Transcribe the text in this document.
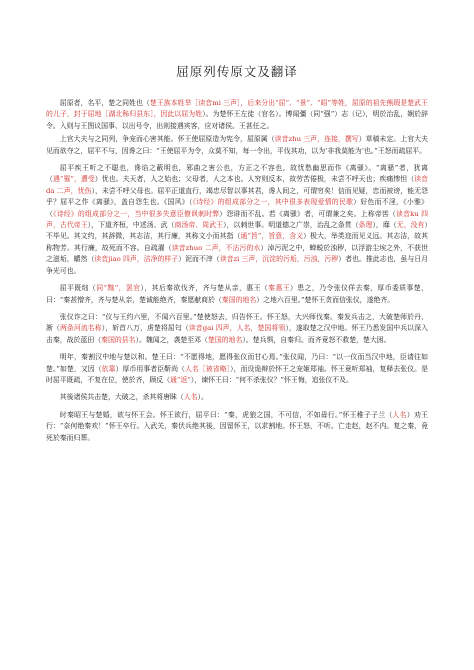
屈原列传原文及翻译

屈原者，名平，楚之同姓也（楚王族本姓芈［读音mi 三声］，后来分出“屈”、“景”、“昭”等姓，屈原的祖先熊瑕是楚武王的儿子，封于屈地［湖北秭归县东］，因此以屈为姓）。为楚怀王左徒（官名）。博闻彊（同“强”）志（记），明於治乱，娴於辞令。入则与王图议国事、以出号令，出则接遇宾客，应对诸侯。王甚任之。

上官大夫与之同列，争宠而心害其能。怀王使屈原造为宪令，屈原属（读音zhu 三声，连接，撰写）草稿未定。上官大夫见而欲夺之，屈平不与，因谗之曰：“王使屈平为令，众莫不知，每一令出，平伐其功，以为‘非我莫能为’也。”王怒而疏屈平。

屈平疾王听之不聪也，谗谄之蔽明也，邪曲之害公也，方正之不容也，故忧愁幽思而作《离骚》。“离骚”者，犹离（遇“罹”，遭受）忧也。夫天者，人之始也；父母者，人之本也。人穷则反本，故劳苦倦极，未尝不呼天也；疾痛惨怛（读音da 二声，忧伤），未尝不呼父母也。屈平正道直行，竭忠尽智以事其君，谗人间之，可谓穷矣！信而见疑，忠而被谤，能无怨乎？屈平之作《离骚》，盖自怨生也。《国风》（《诗经》的组成部分之一，其中很多表现爱情的民歌）好色而不淫，《小雅》（《诗经》的组成部分之一，当中很多失意臣僚讽刺时弊）怨诽而不乱。若《离骚》者，可谓兼之矣。上称帝喾（读音ku 四声，古代帝王），下道齐桓，中述汤、武（商汤帝、周武王），以刺世事。明道德之广崇，治乱之条贯（条理），靡（无，没有）不毕见。其文约，其辞微，其志洁，其行廉，其称文小而其指（通“旨”，旨意，含义）极大，举类迩而见义远。其志洁，故其称物芳。其行廉，故死而不容。自疏濯（读音zhuo 二声，不沾污的水）淖污泥之中，蝉蜕於浊秽，以浮游尘埃之外，不获世之滋垢，皭然（读音jiao 四声，洁净的样子）泥而不滓（读音zi 三声，沉淀的污垢，污浊，污秽）者也。推此志也，虽与日月争光可也。

屈平既绌（同“黜”，罢官），其后秦欲伐齐，齐与楚从亲，惠王（秦惠王）患之，乃令张仪佯去秦，厚币委质事楚，曰：“秦甚憎齐，齐与楚从亲，楚诚能绝齐，秦愿献商於（秦国的地名）之地六百里。”楚怀王贪而信张仪，遂绝齐。

张仪诈之曰：“仪与王约六里，不闻六百里。”楚使怒去，归告怀王。怀王怒，大兴师伐秦。秦发兵击之，大破楚师於丹、淅（两条河流名称），斩首八万，虏楚将屈匄（读音gai 四声，人名，楚国将领），遂取楚之汉中地。怀王乃悉发国中兵以深入击秦，战於蓝田（秦国的县名）。魏闻之，袭楚至邓（楚国的地名）。楚兵惧，自秦归。而齐竟怒不救楚，楚大困。

明年，秦割汉中地与楚以和。楚王曰：“不愿得地，愿得张仪而甘心焉。”张仪闻，乃曰：“以一仪而当汉中地，臣请往如楚。”如楚，又因（依靠）厚币用事者臣靳尚（人名［被省略］），而设诡辩於怀王之宠姬郑袖。怀王竟听郑袖，复释去张仪。是时屈平既疏，不复在位，使於齐，顾反（通“返”），谏怀王曰：“何不杀张仪？”怀王悔，追张仪不及。

其後诸侯共击楚，大破之，杀其将唐眛（人名）。

时秦昭王与楚婚，欲与怀王会。怀王欲行，屈平曰：“秦，虎狼之国，不可信，不如毋行。”怀王稚子子兰（人名）劝王行：“奈何绝秦欢！”怀王卒行。入武关，秦伏兵绝其後，因留怀王，以求割地。怀王怒，不听。亡走赵，赵不内。复之秦，竟死於秦而归葬。
